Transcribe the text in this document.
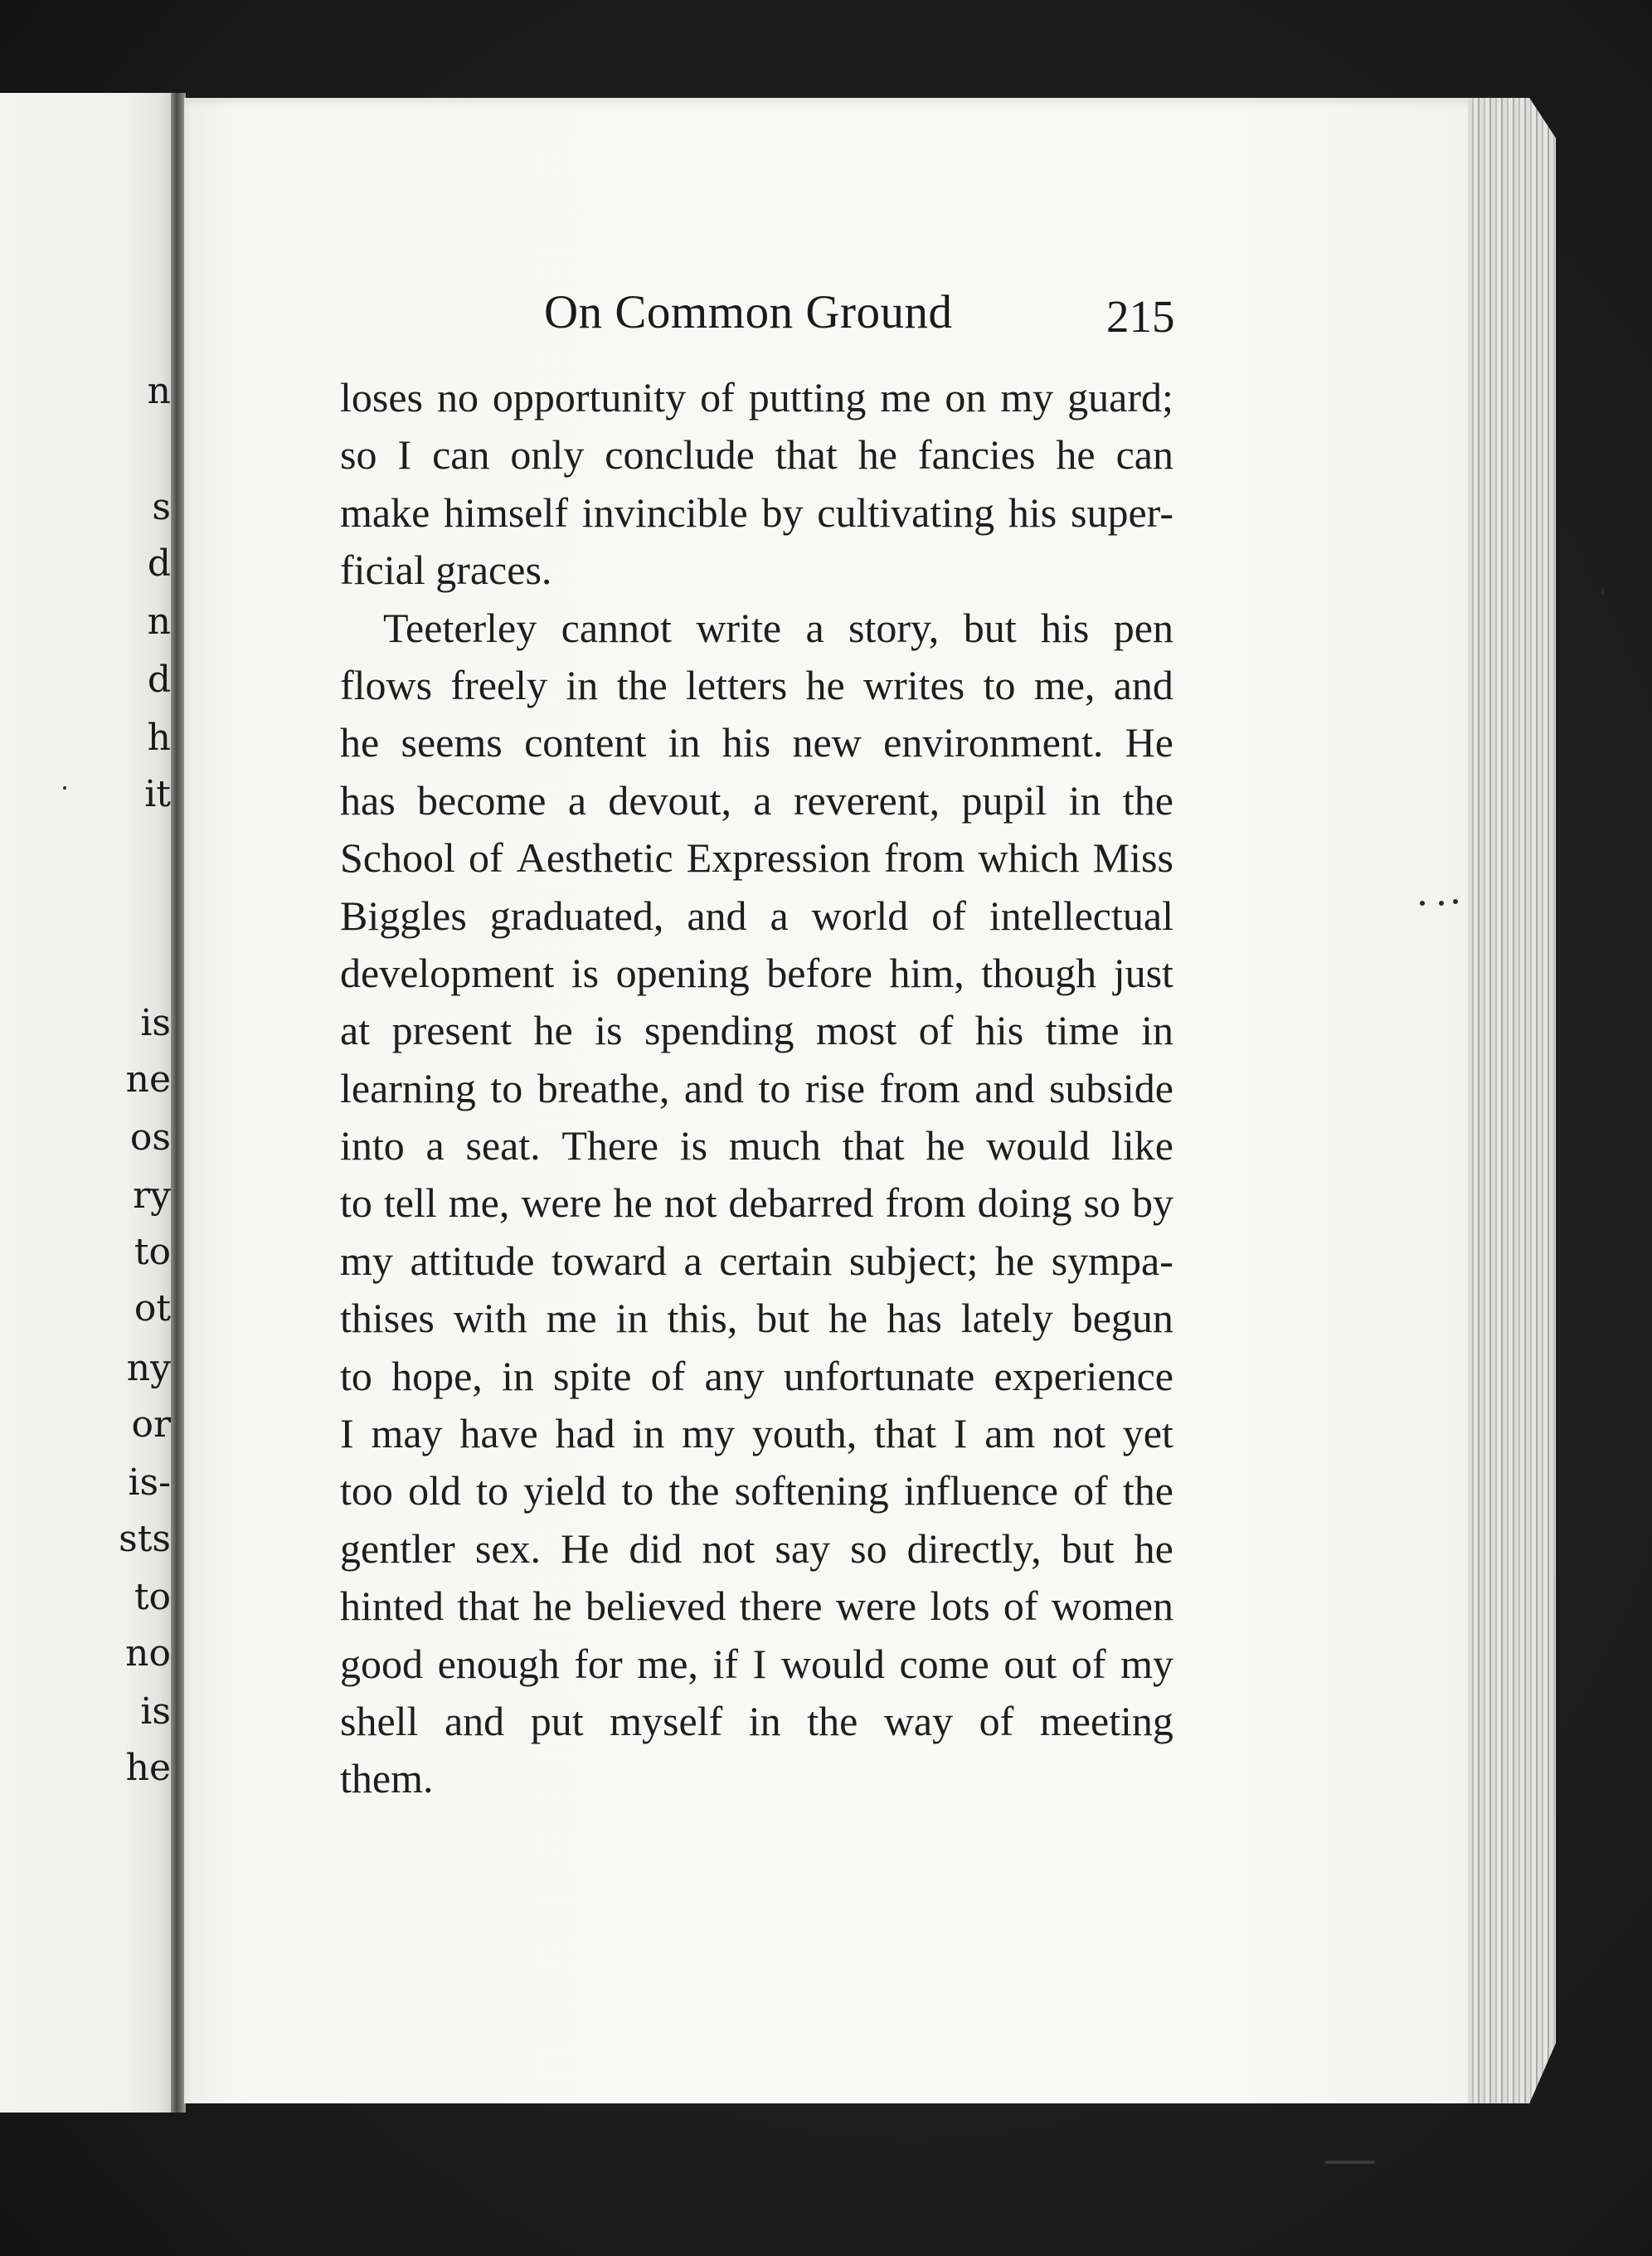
n
s
d
n
d
h
it
is
ne
os
ry
to
ot
ny
or
is-
sts
to
no
is
he
On Common Ground	215
loses no opportunity of putting me on my guard;
so I can only conclude that he fancies he can
make himself invincible by cultivating his super-
ficial graces.
Teeterley cannot write a story, but his pen
flows freely in the letters he writes to me, and
he seems content in his new environment. He
has become a devout, a reverent, pupil in the
School of Aesthetic Expression from which Miss
Biggles graduated, and a world of intellectual
development is opening before him, though just
at present he is spending most of his time in
learning to breathe, and to rise from and subside
into a seat. There is much that he would like
to tell me, were he not debarred from doing so by
my attitude toward a certain subject; he sympa-
thises with me in this, but he has lately begun
to hope, in spite of any unfortunate experience
I may have had in my youth, that I am not yet
too old to yield to the softening influence of the
gentler sex. He did not say so directly, but he
hinted that he believed there were lots of women
good enough for me, if I would come out of my
shell and put myself in the way of meeting
them.
